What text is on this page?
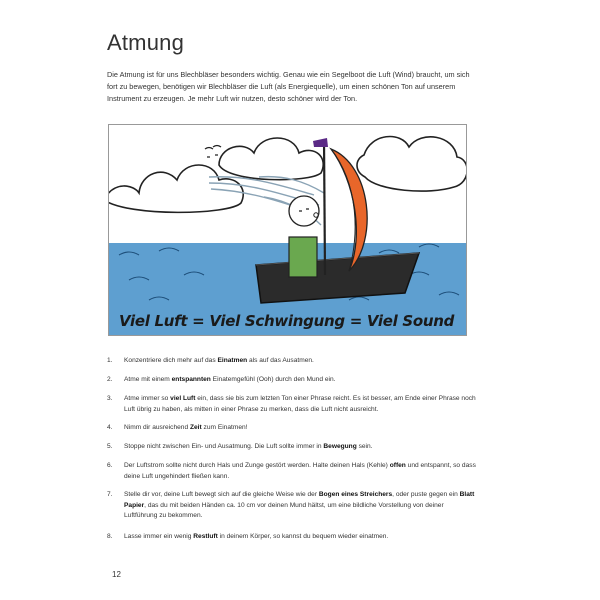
Atmung

Die Atmung ist für uns Blechbläser besonders wichtig. Genau wie ein Segelboot die Luft (Wind) braucht, um sich fort zu bewegen, benötigen wir Blechbläser die Luft (als Energiequelle), um einen schönen Ton auf unserem Instrument zu erzeugen. Je mehr Luft wir nutzen, desto schöner wird der Ton.

Viel Luft = Viel Schwingung = Viel Sound
1.	Konzentriere dich mehr auf das Einatmen als auf das Ausatmen.
2.	Atme mit einem entspannten Einatemgefühl (Ooh) durch den Mund ein.
3.	Atme immer so viel Luft ein, dass sie bis zum letzten Ton einer Phrase reicht. Es ist besser, am Ende einer Phrase noch Luft übrig zu haben, als mitten in einer Phrase zu merken, dass die Luft nicht ausreicht.
4.	Nimm dir ausreichend Zeit zum Einatmen!
5.	Stoppe nicht zwischen Ein- und Ausatmung. Die Luft sollte immer in Bewegung sein.
6.	Der Luftstrom sollte nicht durch Hals und Zunge gestört werden. Halte deinen Hals (Kehle) offen und entspannt, so dass deine Luft ungehindert fließen kann.
7.	Stelle dir vor, deine Luft bewegt sich auf die gleiche Weise wie der Bogen eines Streichers, oder puste gegen ein Blatt Papier, das du mit beiden Händen ca. 10 cm vor deinen Mund hältst, um eine bildliche Vorstellung von deiner Luftführung zu bekommen.
8.	Lasse immer ein wenig Restluft in deinem Körper, so kannst du bequem wieder einatmen.
12
